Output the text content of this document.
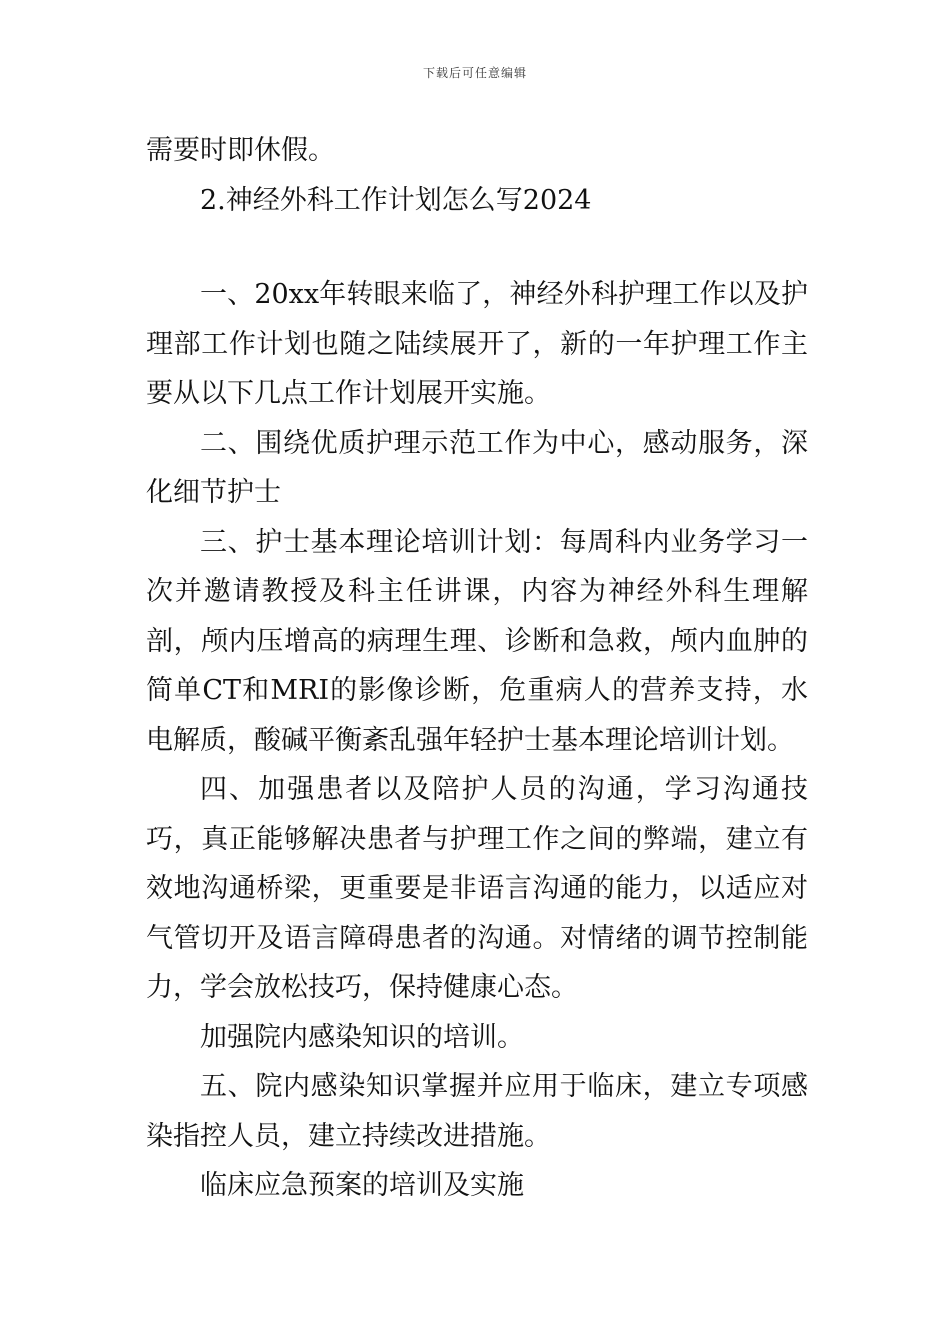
下载后可任意编辑

需要时即休假。

2.神经外科工作计划怎么写2024

一、20xx年转眼来临了，神经外科护理工作以及护理部工作计划也随之陆续展开了，新的一年护理工作主要从以下几点工作计划展开实施。

二、围绕优质护理示范工作为中心，感动服务，深化细节护士

三、护士基本理论培训计划：每周科内业务学习一次并邀请教授及科主任讲课，内容为神经外科生理解剖，颅内压增高的病理生理、诊断和急救，颅内血肿的简单CT和MRI的影像诊断，危重病人的营养支持，水电解质，酸碱平衡紊乱强年轻护士基本理论培训计划。

四、加强患者以及陪护人员的沟通，学习沟通技巧，真正能够解决患者与护理工作之间的弊端，建立有效地沟通桥梁，更重要是非语言沟通的能力，以适应对气管切开及语言障碍患者的沟通。对情绪的调节控制能力，学会放松技巧，保持健康心态。

加强院内感染知识的培训。

五、院内感染知识掌握并应用于临床，建立专项感染指控人员，建立持续改进措施。

临床应急预案的培训及实施
